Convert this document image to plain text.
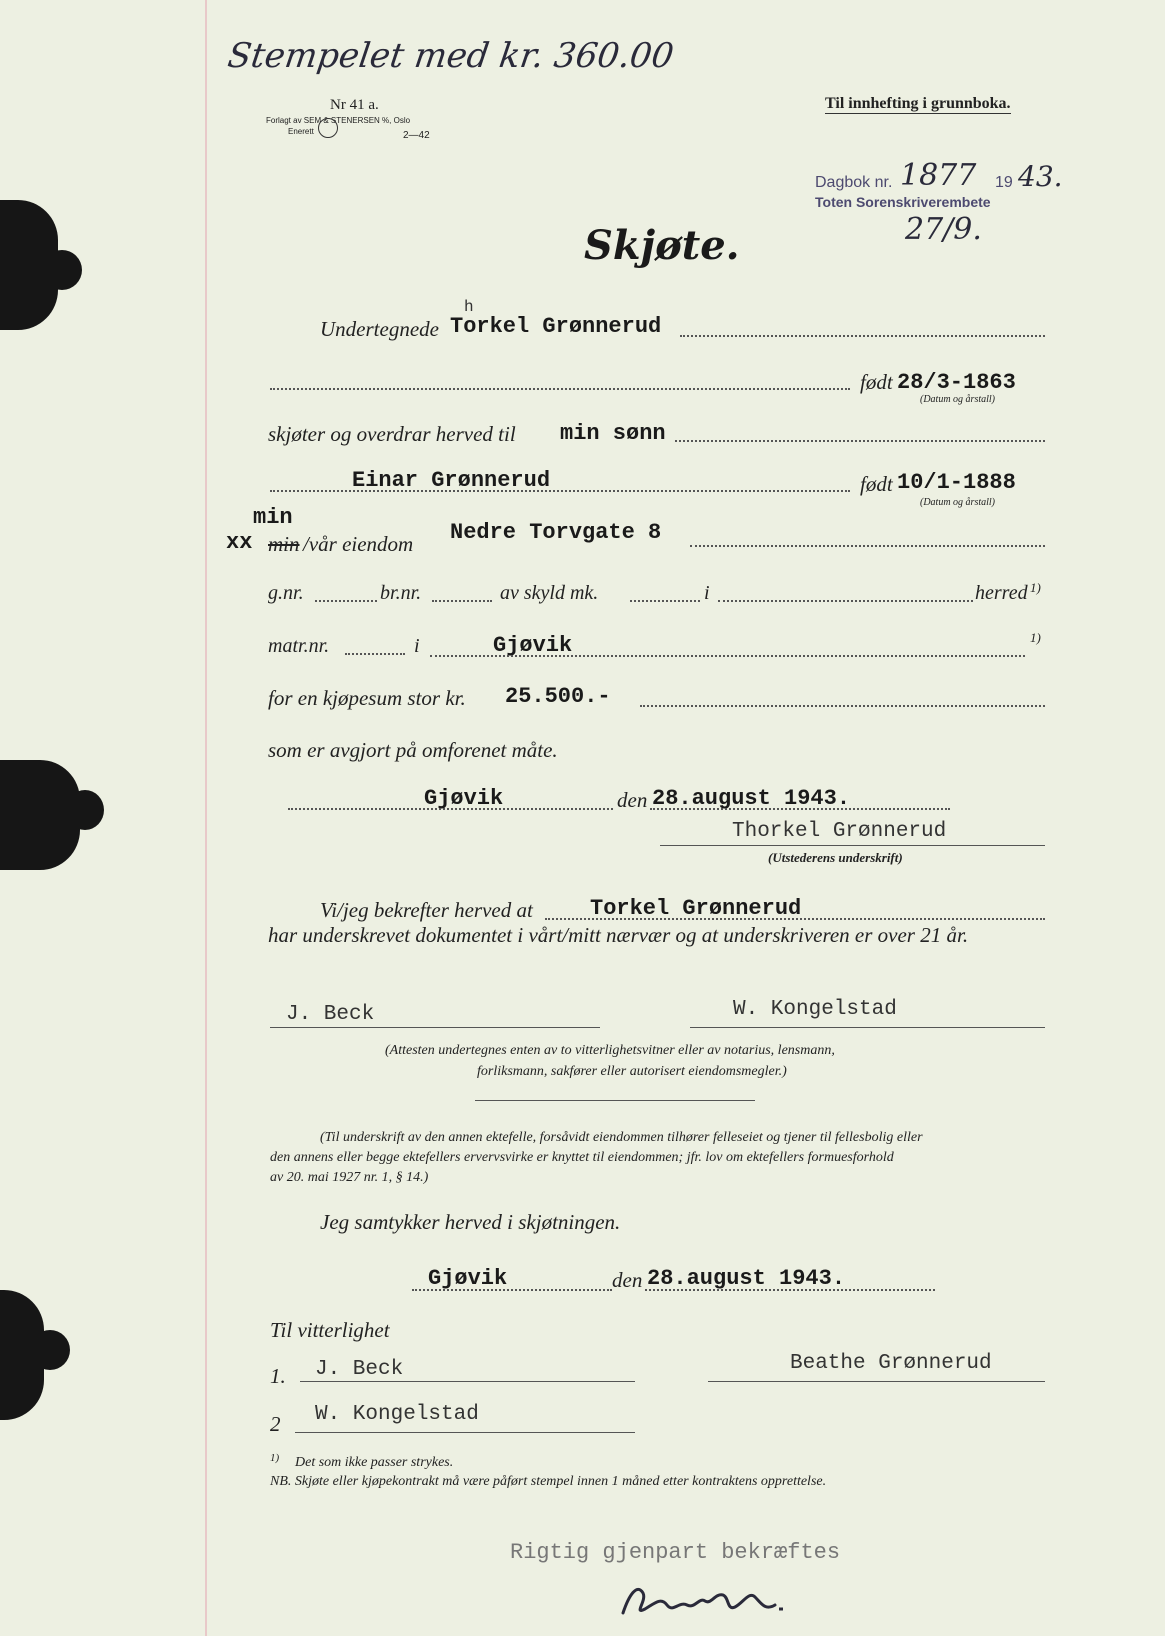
Stempelet med kr. 360.00
Nr 41 a.
Forlagt av SEM & STENERSEN %, Oslo
Enerett	2—42
Til innhefting i grunnboka.
Dagbok nr. 1877 19 43.
Toten Sorenskriverembete
27/9.
Skjøte.
Undertegnede
h
Torkel Grønnerud
født 28/3-1863
(Datum og årstall)
skjøter og overdrar herved til min sønn
Einar Grønnerud	født 10/1-1888
(Datum og årstall)
min
xx min /vår eiendom Nedre Torvgate 8
g.nr.	br.nr.	av skyld mk.	i	herred 1)
matr.nr.	i	Gjøvik	1)
for en kjøpesum stor kr. 25.500.-
som er avgjort på omforenet måte.
Gjøvik	den 28.august 1943.
Thorkel Grønnerud
(Utstederens underskrift)
Vi/jeg bekrefter herved at	Torkel Grønnerud
har underskrevet dokumentet i vårt/mitt nærvær og at underskriveren er over 21 år.
J. Beck	W. Kongelstad
(Attesten undertegnes enten av to vitterlighetsvitner eller av notarius, lensmann,
forliksmann, sakfører eller autorisert eiendomsmegler.)
(Til underskrift av den annen ektefelle, forsåvidt eiendommen tilhører felleseiet og tjener til fellesbolig eller
den annens eller begge ektefellers ervervsvirke er knyttet til eiendommen; jfr. lov om ektefellers formuesforhold
av 20. mai 1927 nr. 1, § 14.)
Jeg samtykker herved i skjøtningen.
Gjøvik	den 28.august 1943.
Til vitterlighet
1. J. Beck	Beathe Grønnerud
2 W. Kongelstad
1) Det som ikke passer strykes.
NB. Skjøte eller kjøpekontrakt må være påført stempel innen 1 måned etter kontraktens opprettelse.
Rigtig gjenpart bekræftes
